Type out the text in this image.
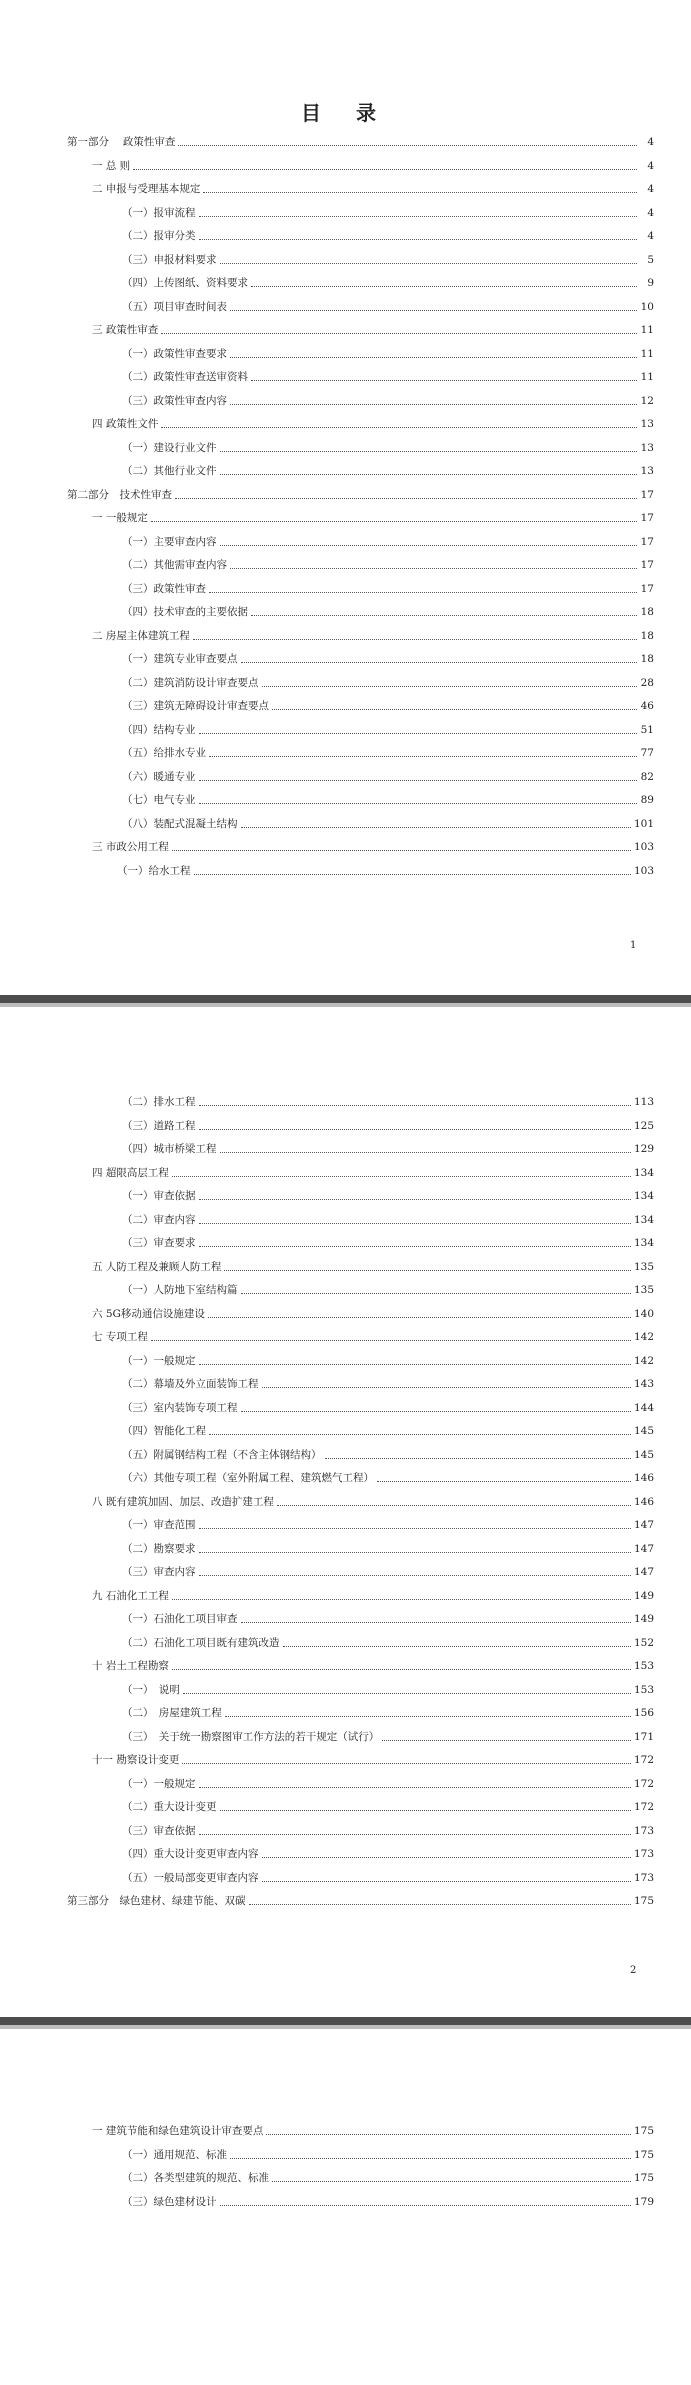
目 录
第一部分　 政策性审查	4
一 总 则	4
二 申报与受理基本规定	4
（一）报审流程	4
（二）报审分类	4
（三）申报材料要求	5
（四）上传图纸、资料要求	9
（五）项目审查时间表	10
三 政策性审查	11
（一）政策性审查要求	11
（二）政策性审查送审资料	11
（三）政策性审查内容	12
四 政策性文件	13
（一）建设行业文件	13
（二）其他行业文件	13
第二部分　技术性审查	17
一 一般规定	17
（一）主要审查内容	17
（二）其他需审查内容	17
（三）政策性审查	17
（四）技术审查的主要依据	18
二 房屋主体建筑工程	18
（一）建筑专业审查要点	18
（二）建筑消防设计审查要点	28
（三）建筑无障碍设计审查要点	46
（四）结构专业	51
（五）给排水专业	77
（六）暖通专业	82
（七）电气专业	89
（八）装配式混凝土结构	101
三 市政公用工程	103
（一）给水工程	103
1
（二）排水工程	113
（三）道路工程	125
（四）城市桥梁工程	129
四 超限高层工程	134
（一）审查依据	134
（二）审查内容	134
（三）审查要求	134
五 人防工程及兼顾人防工程	135
（一）人防地下室结构篇	135
六 5G移动通信设施建设	140
七 专项工程	142
（一）一般规定	142
（二）幕墙及外立面装饰工程	143
（三）室内装饰专项工程	144
（四）智能化工程	145
（五）附属钢结构工程（不含主体钢结构）	145
（六）其他专项工程（室外附属工程、建筑燃气工程）	146
八 既有建筑加固、加层、改造扩建工程	146
（一）审查范围	147
（二）勘察要求	147
（三）审查内容	147
九 石油化工工程	149
（一）石油化工项目审查	149
（二）石油化工项目既有建筑改造	152
十 岩土工程勘察	153
（一）　说明	153
（二）　房屋建筑工程	156
（三）　关于统一勘察图审工作方法的若干规定（试行）	171
十一 勘察设计变更	172
（一）一般规定	172
（二）重大设计变更	172
（三）审查依据	173
（四）重大设计变更审查内容	173
（五）一般局部变更审查内容	173
第三部分　绿色建材、绿建节能、双碳	175
2
一 建筑节能和绿色建筑设计审查要点	175
（一）通用规范、标准	175
（二）各类型建筑的规范、标准	175
（三）绿色建材设计	179
